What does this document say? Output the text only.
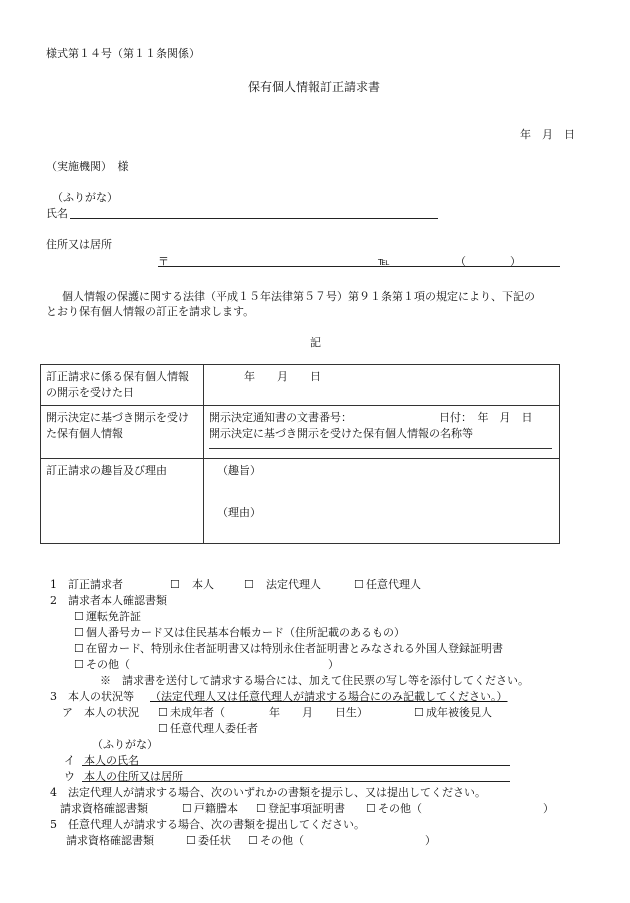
様式第１４号（第１１条関係）
保有個人情報訂正請求書
年　月　日
（実施機関）　様
（ふりがな）
氏名
住所又は居所
〒	℡	（　　　　）
個人情報の保護に関する法律（平成１５年法律第５７号）第９１条第１項の規定により、下記の
とおり保有個人情報の訂正を請求します。
記
訂正請求に係る保有個人情報の開示を受けた日	年　　月　　日
開示決定に基づき開示を受けた保有個人情報	開示決定通知書の文書番号： 日付：　年　月　日
開示決定に基づき開示を受けた保有個人情報の名称等

訂正請求の趣旨及び理由	（趣旨）
（理由）
1　訂正請求者 ☐	本人 ☐	法定代理人 ☐	任意代理人
2　請求者本人確認書類
☐
運転免許証
☐
個人番号カード又は住民基本台帳カード（住所記載のあるもの）
☐
在留カード、特別永住者証明書又は特別永住者証明書とみなされる外国人登録証明書
☐
その他（　　　　　　　　　　　　　　　　　　）
※　請求書を送付して請求する場合には、加えて住民票の写し等を添付してください。
3　本人の状況等 （法定代理人又は任意代理人が請求する場合にのみ記載してください。）
ア　本人の状況 ☐	未成年者（　　　　年　　月　　日生） ☐	成年被後見人
☐
任意代理人委任者
（ふりがな）
イ 本人の氏名
ウ 本人の住所又は居所
4　法定代理人が請求する場合、次のいずれかの書類を提示し、又は提出してください。
請求資格確認書類 ☐	戸籍謄本 ☐	登記事項証明書 ☐	その他（　　　　　　　　　　　）
5　任意代理人が請求する場合、次の書類を提出してください。
請求資格確認書類 ☐	委任状 ☐	その他（　　　　　　　　　　　）
